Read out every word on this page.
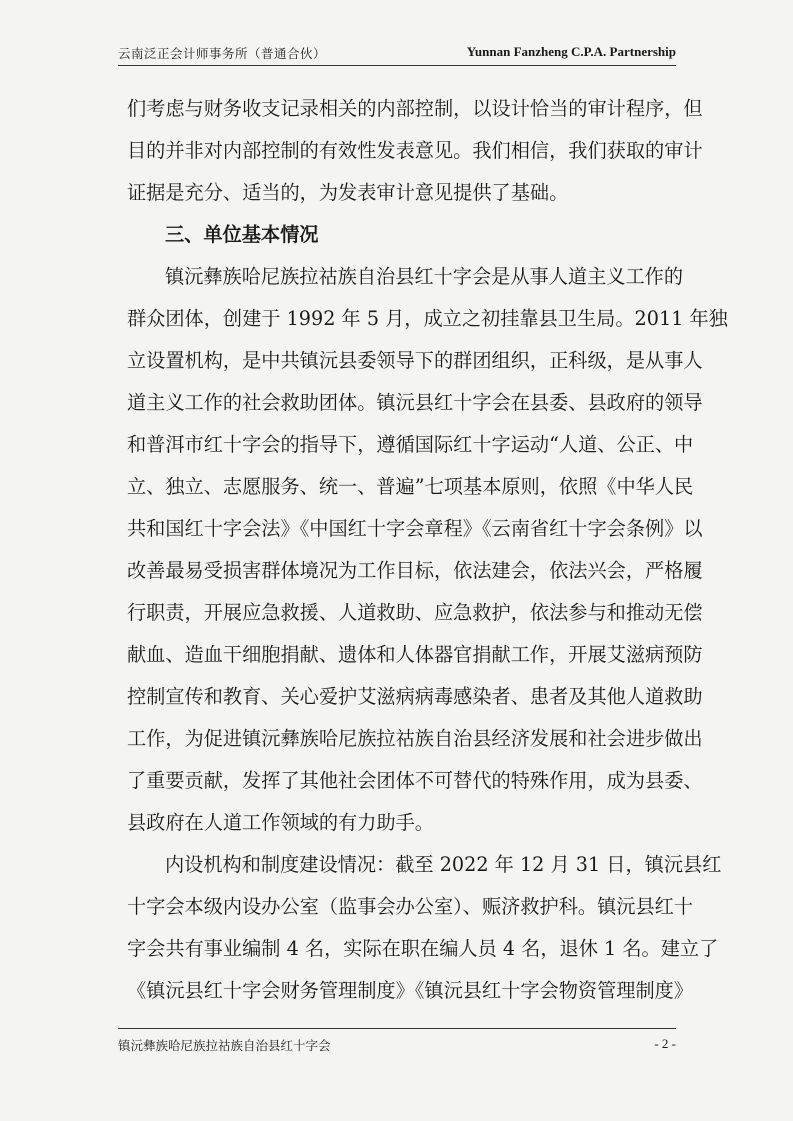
云南泛正会计师事务所（普通合伙）	Yunnan Fanzheng C.P.A. Partnership
们考虑与财务收支记录相关的内部控制，以设计恰当的审计程序，但
目的并非对内部控制的有效性发表意见。我们相信，我们获取的审计
证据是充分、适当的，为发表审计意见提供了基础。
三、单位基本情况
镇沅彝族哈尼族拉祜族自治县红十字会是从事人道主义工作的
群众团体，创建于 1992 年 5 月，成立之初挂靠县卫生局。2011 年独
立设置机构，是中共镇沅县委领导下的群团组织，正科级，是从事人
道主义工作的社会救助团体。镇沅县红十字会在县委、县政府的领导
和普洱市红十字会的指导下，遵循国际红十字运动“人道、公正、中
立、独立、志愿服务、统一、普遍”七项基本原则，依照《中华人民
共和国红十字会法》《中国红十字会章程》《云南省红十字会条例》以
改善最易受损害群体境况为工作目标，依法建会，依法兴会，严格履
行职责，开展应急救援、人道救助、应急救护，依法参与和推动无偿
献血、造血干细胞捐献、遗体和人体器官捐献工作，开展艾滋病预防
控制宣传和教育、关心爱护艾滋病病毒感染者、患者及其他人道救助
工作，为促进镇沅彝族哈尼族拉祜族自治县经济发展和社会进步做出
了重要贡献，发挥了其他社会团体不可替代的特殊作用，成为县委、
县政府在人道工作领域的有力助手。
内设机构和制度建设情况：截至 2022 年 12 月 31 日，镇沅县红
十字会本级内设办公室（监事会办公室）、赈济救护科。镇沅县红十
字会共有事业编制 4 名，实际在职在编人员 4 名，退休 1 名。建立了
《镇沅县红十字会财务管理制度》《镇沅县红十字会物资管理制度》
镇沅彝族哈尼族拉祜族自治县红十字会	- 2 -
